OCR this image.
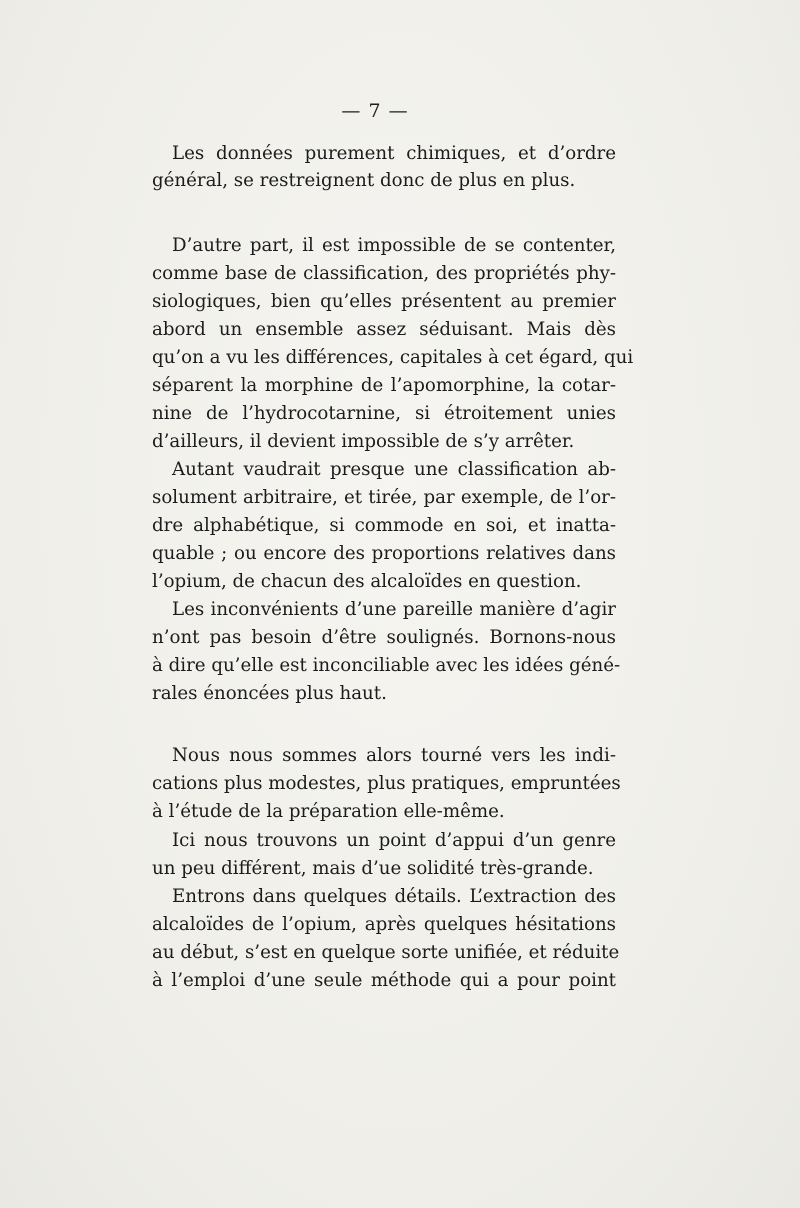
— 7 —
Les données purement chimiques, et d’ordre
général, se restreignent donc de plus en plus.
D’autre part, il est impossible de se contenter,
comme base de classification, des propriétés phy-
siologiques, bien qu’elles présentent au premier
abord un ensemble assez séduisant. Mais dès
qu’on a vu les différences, capitales à cet égard, qui
séparent la morphine de l’apomorphine, la cotar-
nine de l’hydrocotarnine, si étroitement unies
d’ailleurs, il devient impossible de s’y arrêter.
Autant vaudrait presque une classification ab-
solument arbitraire, et tirée, par exemple, de l’or-
dre alphabétique, si commode en soi, et inatta-
quable ; ou encore des proportions relatives dans
l’opium, de chacun des alcaloïdes en question.
Les inconvénients d’une pareille manière d’agir
n’ont pas besoin d’être soulignés. Bornons-nous
à dire qu’elle est inconciliable avec les idées géné-
rales énoncées plus haut.
Nous nous sommes alors tourné vers les indi-
cations plus modestes, plus pratiques, empruntées
à l’étude de la préparation elle-même.
Ici nous trouvons un point d’appui d’un genre
un peu différent, mais d’ue solidité très-grande.
Entrons dans quelques détails. L’extraction des
alcaloïdes de l’opium, après quelques hésitations
au début, s’est en quelque sorte unifiée, et réduite
à l’emploi d’une seule méthode qui a pour point
